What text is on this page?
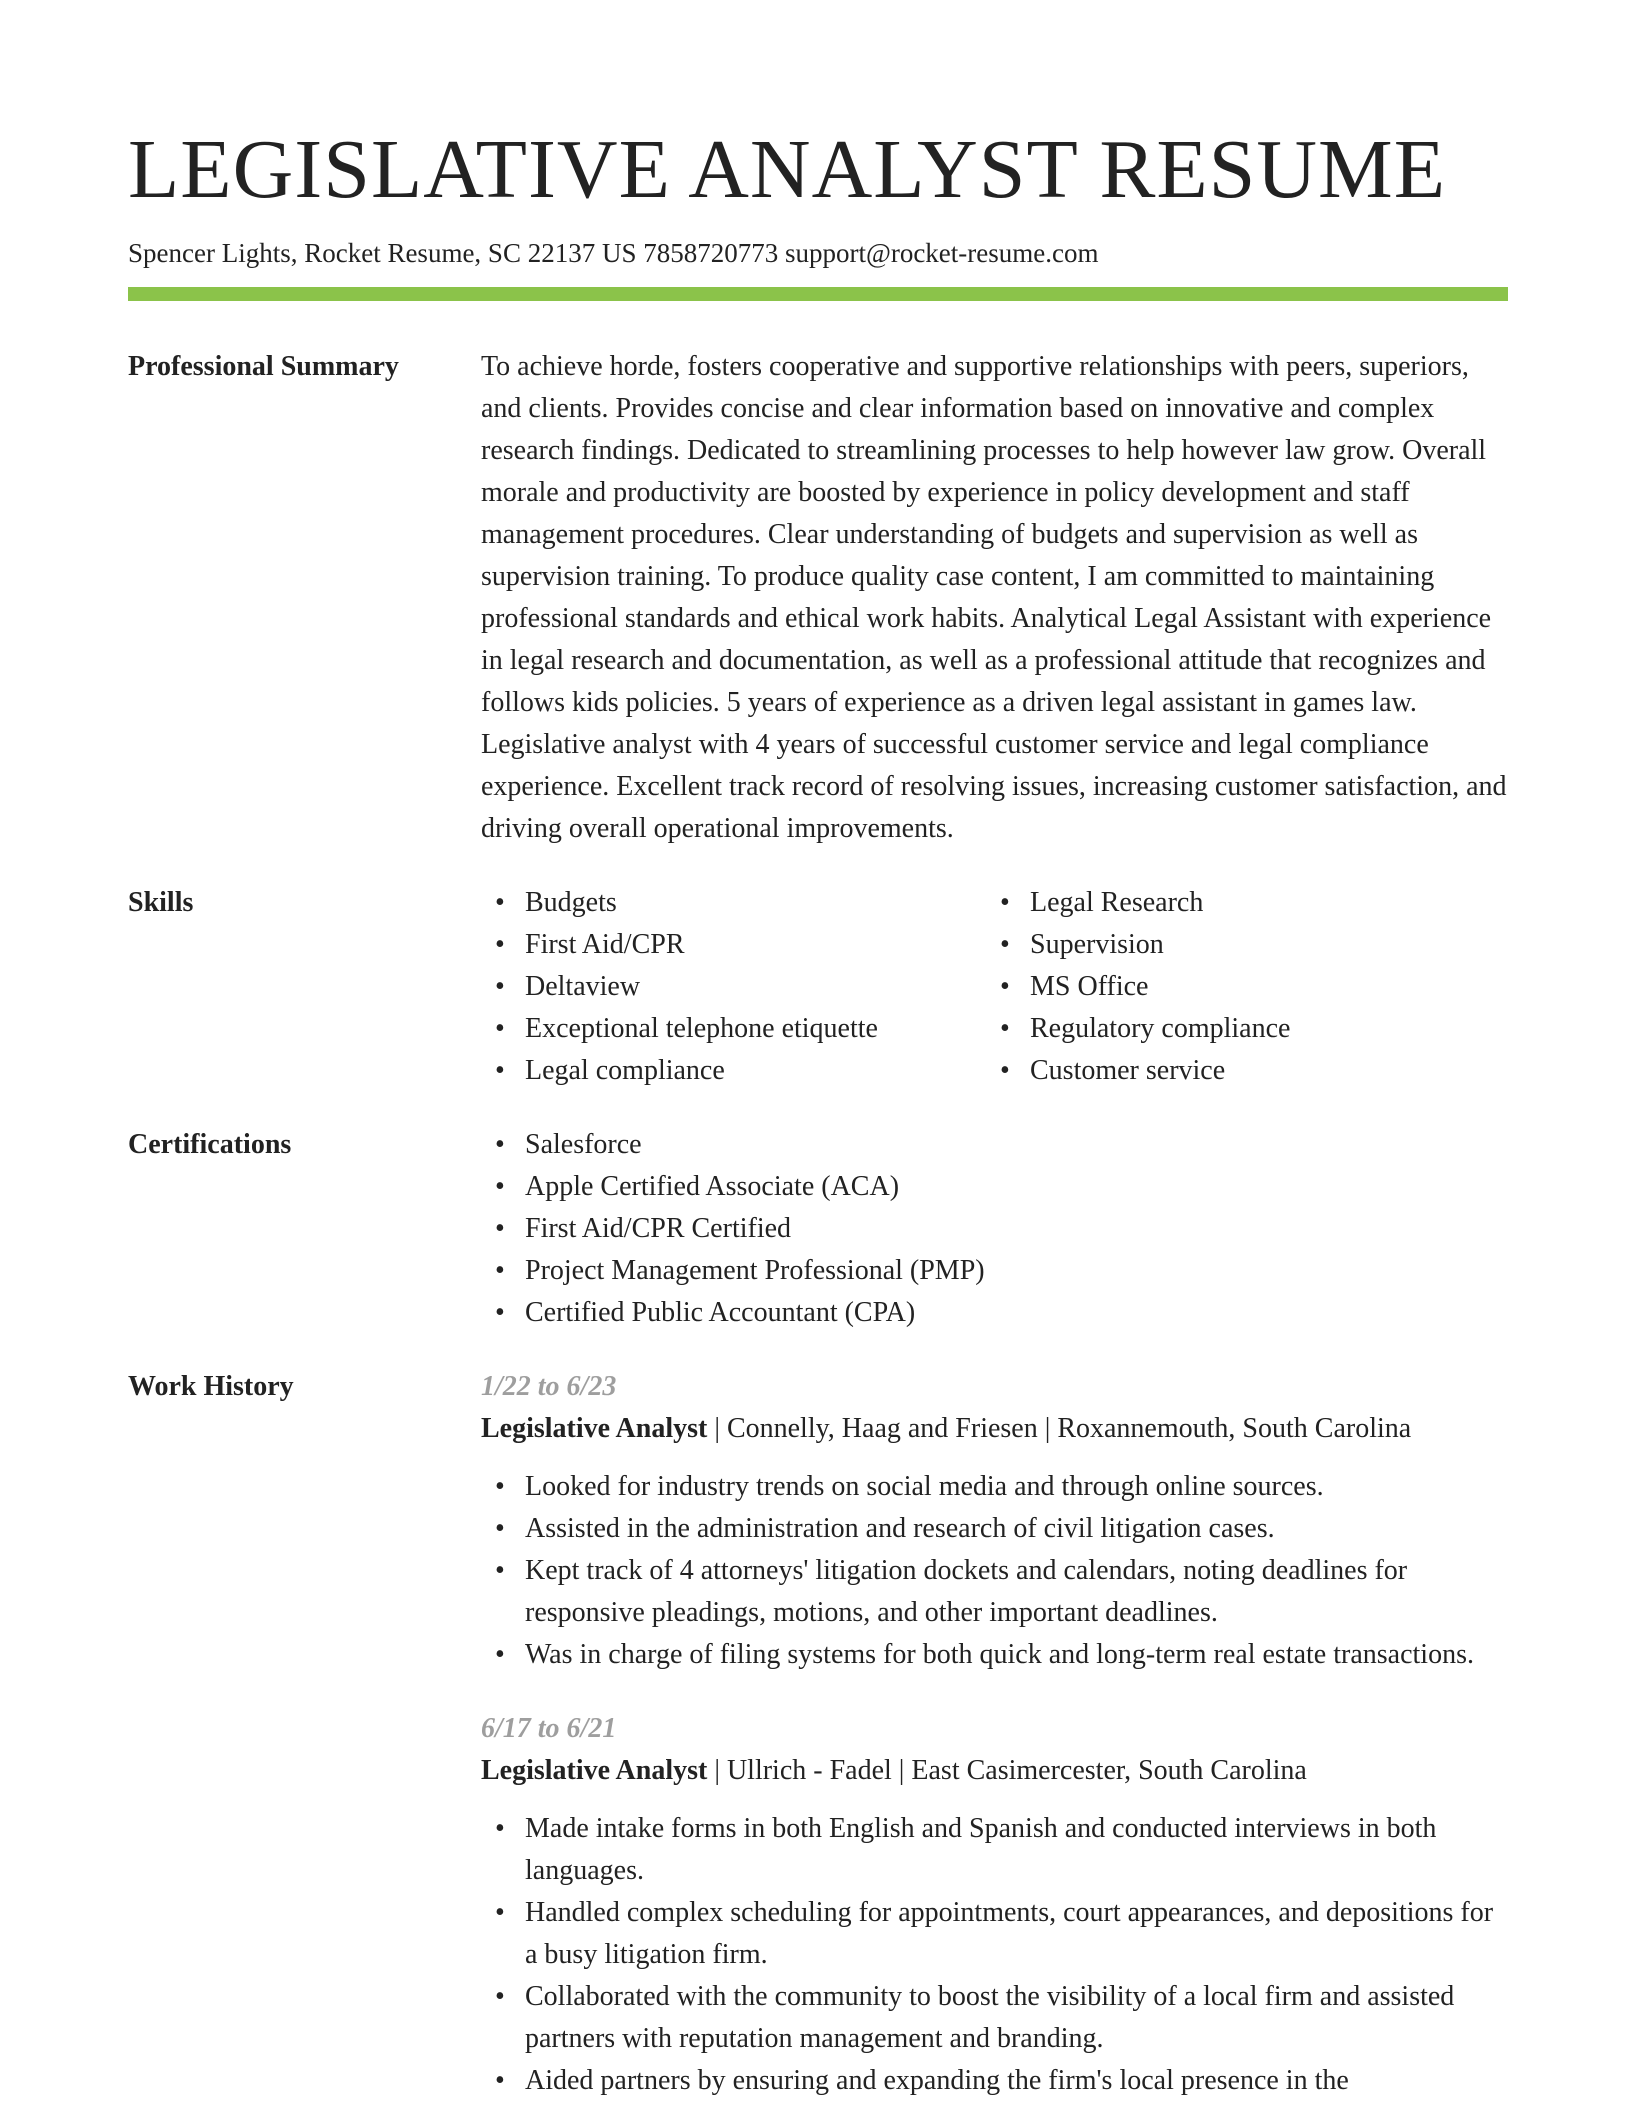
LEGISLATIVE ANALYST RESUME
Spencer Lights, Rocket Resume, SC 22137 US 7858720773 support@rocket-resume.com
Professional Summary	To achieve horde, fosters cooperative and supportive relationships with peers, superiors, and clients. Provides concise and clear information based on innovative and complex research findings. Dedicated to streamlining processes to help however law grow. Overall morale and productivity are boosted by experience in policy development and staff management procedures. Clear understanding of budgets and supervision as well as supervision training. To produce quality case content, I am committed to maintaining professional standards and ethical work habits. Analytical Legal Assistant with experience in legal research and documentation, as well as a professional attitude that recognizes and follows kids policies. 5 years of experience as a driven legal assistant in games law. Legislative analyst with 4 years of successful customer service and legal compliance experience. Excellent track record of resolving issues, increasing customer satisfaction, and driving overall operational improvements.

Skills	• Budgets
• First Aid/CPR
• Deltaview
• Exceptional telephone etiquette
• Legal compliance
• Legal Research
• Supervision
• MS Office
• Regulatory compliance
• Customer service
Certifications	• Salesforce
• Apple Certified Associate (ACA)
• First Aid/CPR Certified
• Project Management Professional (PMP)
• Certified Public Accountant (CPA)
Work History	1/22 to 6/23
Legislative Analyst | Connelly, Haag and Friesen | Roxannemouth, South Carolina
• Looked for industry trends on social media and through online sources.
• Assisted in the administration and research of civil litigation cases.
• Kept track of 4 attorneys' litigation dockets and calendars, noting deadlines for responsive pleadings, motions, and other important deadlines.
• Was in charge of filing systems for both quick and long-term real estate transactions.
6/17 to 6/21
Legislative Analyst | Ullrich - Fadel | East Casimercester, South Carolina
• Made intake forms in both English and Spanish and conducted interviews in both languages.
• Handled complex scheduling for appointments, court appearances, and depositions for a busy litigation firm.
• Collaborated with the community to boost the visibility of a local firm and assisted partners with reputation management and branding.
• Aided partners by ensuring and expanding the firm's local presence in the
